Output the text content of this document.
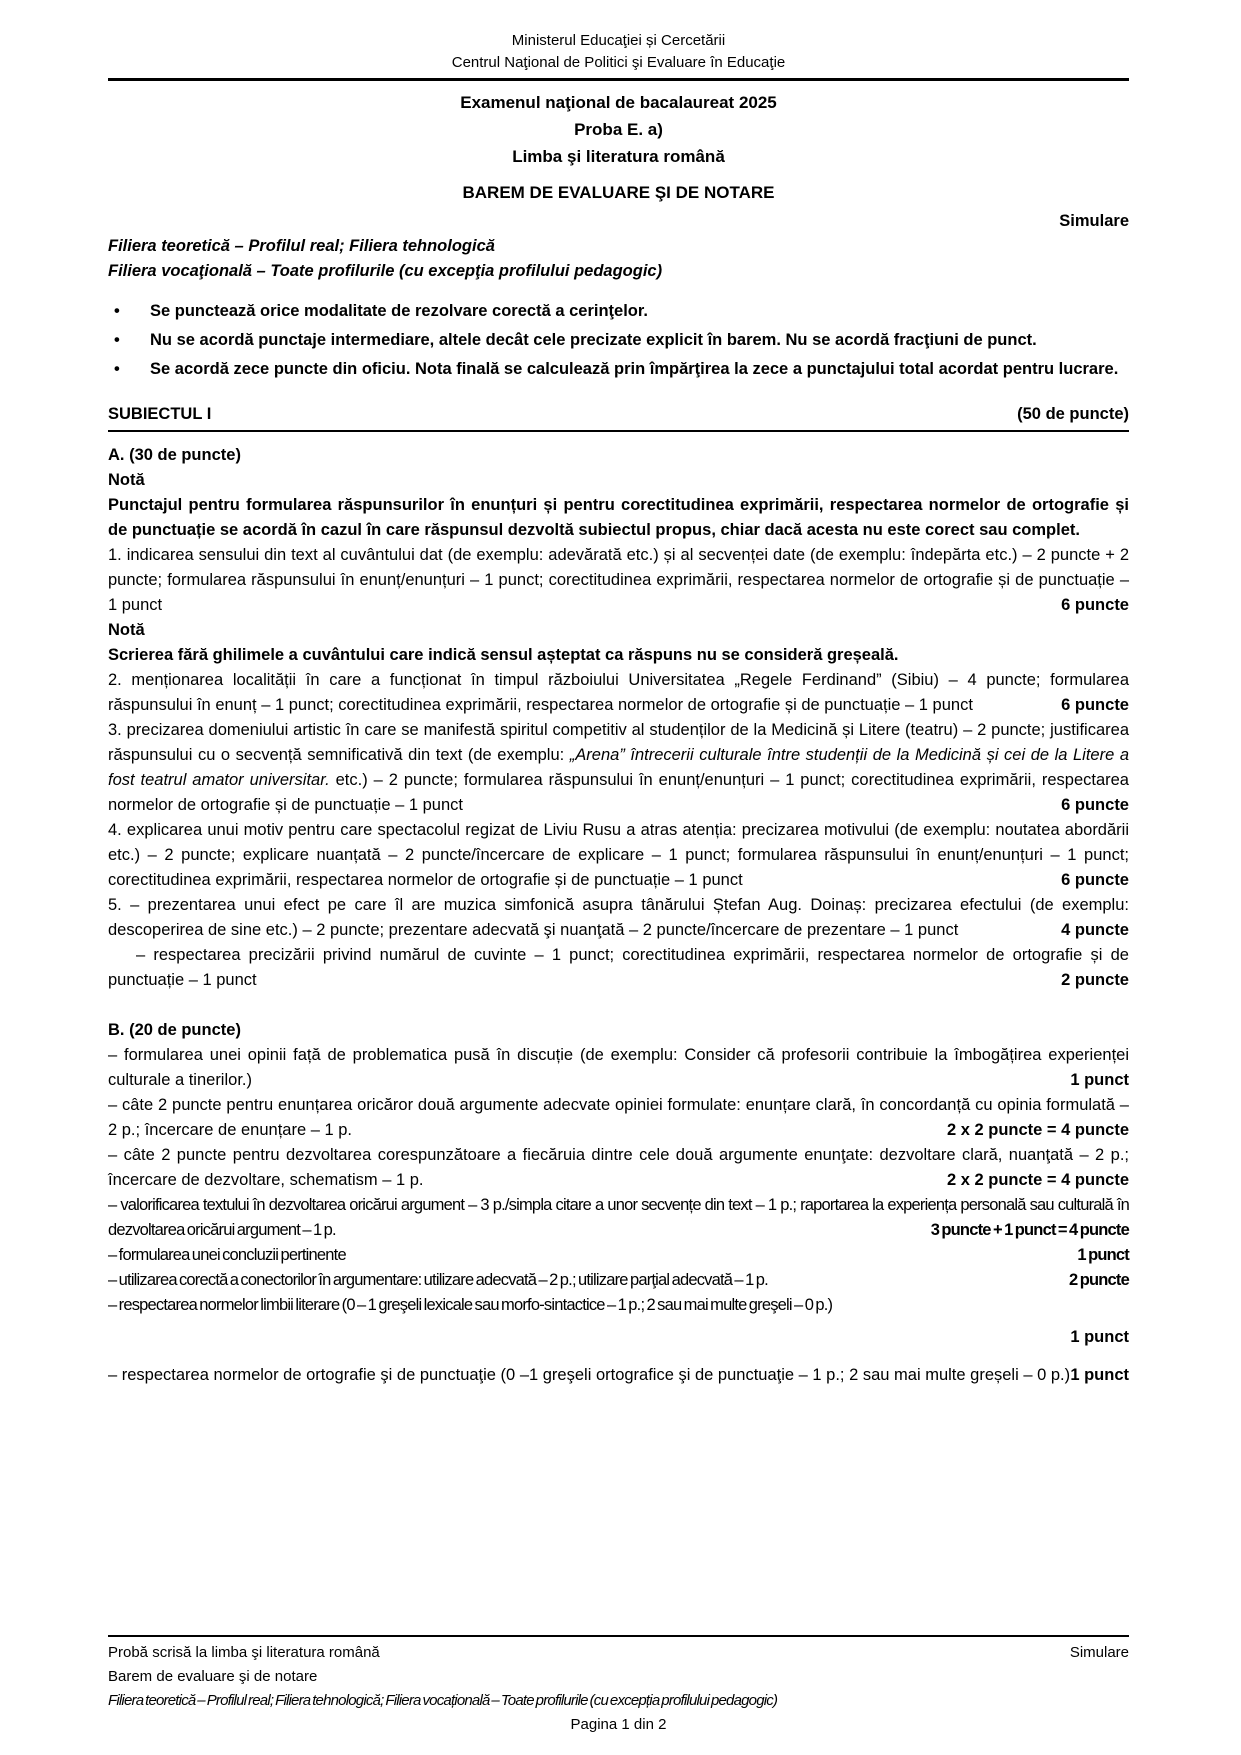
Ministerul Educaţiei și Cercetării
Centrul Naţional de Politici şi Evaluare în Educaţie
Examenul naţional de bacalaureat 2025
Proba E. a)
Limba şi literatura română
BAREM DE EVALUARE ŞI DE NOTARE
Simulare
Filiera teoretică – Profilul real; Filiera tehnologică
Filiera vocaţională – Toate profilurile (cu excepţia profilului pedagogic)
• Se punctează orice modalitate de rezolvare corectă a cerinţelor.
• Nu se acordă punctaje intermediare, altele decât cele precizate explicit în barem. Nu se acordă fracţiuni de punct.
• Se acordă zece puncte din oficiu. Nota finală se calculează prin împărţirea la zece a punctajului total acordat pentru lucrare.
SUBIECTUL I	(50 de puncte)
A. (30 de puncte)
Notă
Punctajul pentru formularea răspunsurilor în enunțuri și pentru corectitudinea exprimării, respectarea normelor de ortografie și de punctuație se acordă în cazul în care răspunsul dezvoltă subiectul propus, chiar dacă acesta nu este corect sau complet.
1. indicarea sensului din text al cuvântului dat (de exemplu: adevărată etc.) și al secvenței date (de exemplu: îndepărta etc.) – 2 puncte + 2 puncte; formularea răspunsului în enunț/enunțuri – 1 punct; corectitudinea exprimării, respectarea normelor de ortografie și de punctuație – 1 punct	6 puncte
Notă
Scrierea fără ghilimele a cuvântului care indică sensul așteptat ca răspuns nu se consideră greșeală.
2. menționarea localității în care a funcționat în timpul războiului Universitatea „Regele Ferdinand” (Sibiu) – 4 puncte; formularea răspunsului în enunț – 1 punct; corectitudinea exprimării, respectarea normelor de ortografie și de punctuație – 1 punct	6 puncte
3. precizarea domeniului artistic în care se manifestă spiritul competitiv al studenților de la Medicină și Litere (teatru) – 2 puncte; justificarea răspunsului cu o secvență semnificativă din text (de exemplu: „Arena” întrecerii culturale între studenții de la Medicină și cei de la Litere a fost teatrul amator universitar. etc.) – 2 puncte; formularea răspunsului în enunț/enunțuri – 1 punct; corectitudinea exprimării, respectarea normelor de ortografie și de punctuație – 1 punct	6 puncte
4. explicarea unui motiv pentru care spectacolul regizat de Liviu Rusu a atras atenția: precizarea motivului (de exemplu: noutatea abordării etc.) – 2 puncte; explicare nuanțată – 2 puncte/încercare de explicare – 1 punct; formularea răspunsului în enunț/enunțuri – 1 punct; corectitudinea exprimării, respectarea normelor de ortografie și de punctuație – 1 punct	6 puncte
5. – prezentarea unui efect pe care îl are muzica simfonică asupra tânărului Ștefan Aug. Doinaș: precizarea efectului (de exemplu: descoperirea de sine etc.) – 2 puncte; prezentare adecvată şi nuanţată – 2 puncte/încercare de prezentare – 1 punct	4 puncte
– respectarea precizării privind numărul de cuvinte – 1 punct; corectitudinea exprimării, respectarea normelor de ortografie și de punctuație – 1 punct	2 puncte
B. (20 de puncte)
– formularea unei opinii față de problematica pusă în discuție (de exemplu: Consider că profesorii contribuie la îmbogățirea experienței culturale a tinerilor.)	1 punct
– câte 2 puncte pentru enunțarea oricăror două argumente adecvate opiniei formulate: enunțare clară, în concordanță cu opinia formulată – 2 p.; încercare de enunțare – 1 p.	2 x 2 puncte = 4 puncte
– câte 2 puncte pentru dezvoltarea corespunzătoare a fiecăruia dintre cele două argumente enunţate: dezvoltare clară, nuanţată – 2 p.; încercare de dezvoltare, schematism – 1 p.	2 x 2 puncte = 4 puncte
– valorificarea textului în dezvoltarea oricărui argument – 3 p./simpla citare a unor secvențe din text – 1 p.; raportarea la experiența personală sau culturală în dezvoltarea oricărui argument – 1 p.	3 puncte + 1 punct = 4 puncte
– formularea unei concluzii pertinente	1 punct
– utilizarea corectă a conectorilor în argumentare: utilizare adecvată – 2 p.; utilizare parţial adecvată – 1 p.	2 puncte
– respectarea normelor limbii literare (0 – 1 greşeli lexicale sau morfo-sintactice – 1 p.; 2 sau mai multe greşeli – 0 p.)
1 punct
– respectarea normelor de ortografie şi de punctuaţie (0 –1 greşeli ortografice şi de punctuaţie – 1 p.; 2 sau mai multe greșeli – 0 p.) 1 punct
Probă scrisă la limba şi literatura română	Simulare
Barem de evaluare şi de notare
Filiera teoretică – Profilul real; Filiera tehnologică; Filiera vocațională – Toate profilurile (cu excepția profilului pedagogic)
Pagina 1 din 2
